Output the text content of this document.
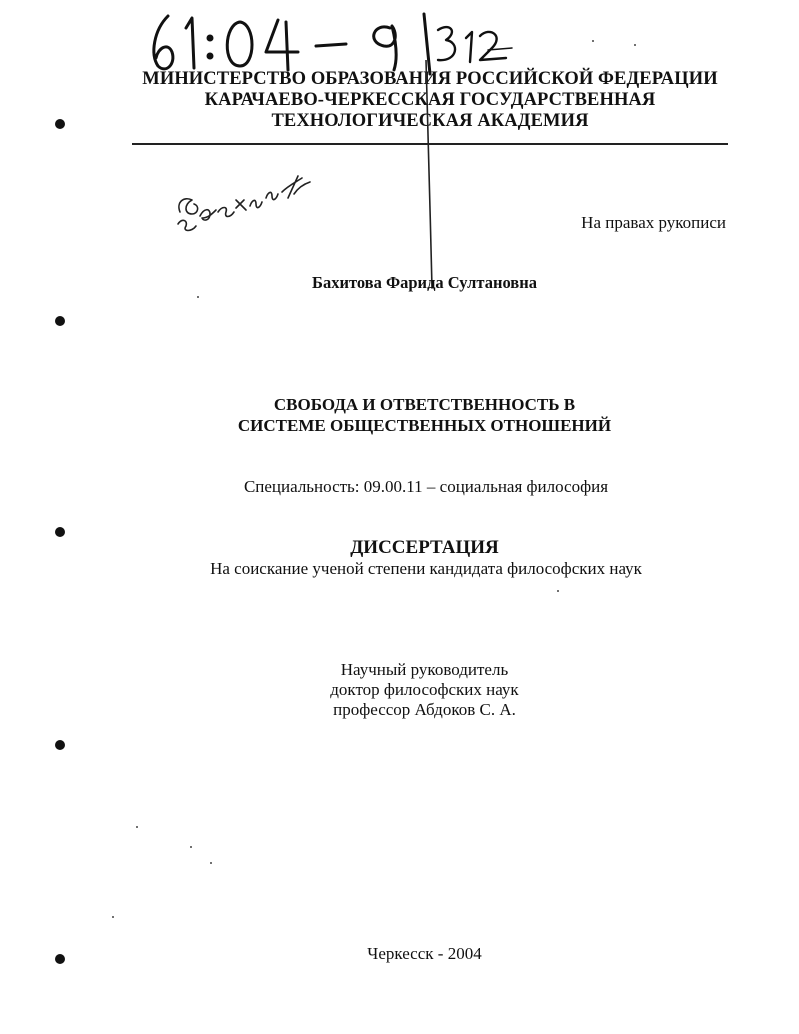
МИНИСТЕРСТВО ОБРАЗОВАНИЯ РОССИЙСКОЙ ФЕДЕРАЦИИ
КАРАЧАЕВО-ЧЕРКЕССКАЯ ГОСУДАРСТВЕННАЯ
ТЕХНОЛОГИЧЕСКАЯ АКАДЕМИЯ
На правах рукописи
Бахитова Фарида Султановна
СВОБОДА И ОТВЕТСТВЕННОСТЬ В
СИСТЕМЕ ОБЩЕСТВЕННЫХ ОТНОШЕНИЙ
Специальность: 09.00.11 – социальная философия
ДИССЕРТАЦИЯ
На соискание ученой степени кандидата философских наук
Научный руководитель
доктор философских наук
профессор Абдоков С. А.
Черкесск - 2004
